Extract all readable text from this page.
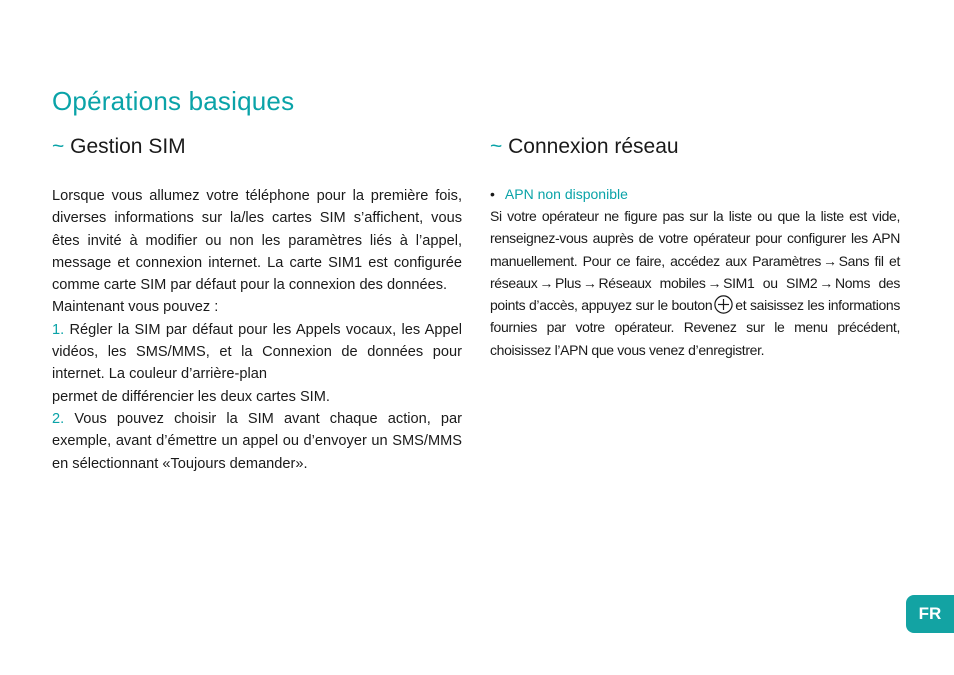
Opérations basiques
~ Gestion SIM

Lorsque vous allumez votre téléphone pour la première fois, diverses informations sur la/les cartes SIM s’affichent, vous êtes invité à modifier ou non les paramètres liés à l’appel, message et connexion internet. La carte SIM1 est configurée comme carte SIM par défaut pour la connexion des données.

Maintenant vous pouvez :

1. Régler la SIM par défaut pour les Appels vocaux, les Appel vidéos, les SMS/MMS, et la Connexion de données pour internet. La couleur d’arrière-plan

permet de différencier les deux cartes SIM.

2. Vous pouvez choisir la SIM avant chaque action, par exemple, avant d’émettre un appel ou d’envoyer un SMS/MMS en sélectionnant «Toujours demander».

~ Connexion réseau
• APN non disponible

Si votre opérateur ne figure pas sur la liste ou que la liste est vide, renseignez-vous auprès de votre opérateur pour configurer les APN manuellement. Pour ce faire, accédez aux Paramètres → Sans fil et réseaux → Plus → Réseaux mobiles → SIM1 ou SIM2 → Noms des points d’accès, appuyez sur le bouton et saisissez les informations fournies par votre opérateur. Revenez sur le menu précédent, choisissez l’APN que vous venez d’enregistrer.

FR
